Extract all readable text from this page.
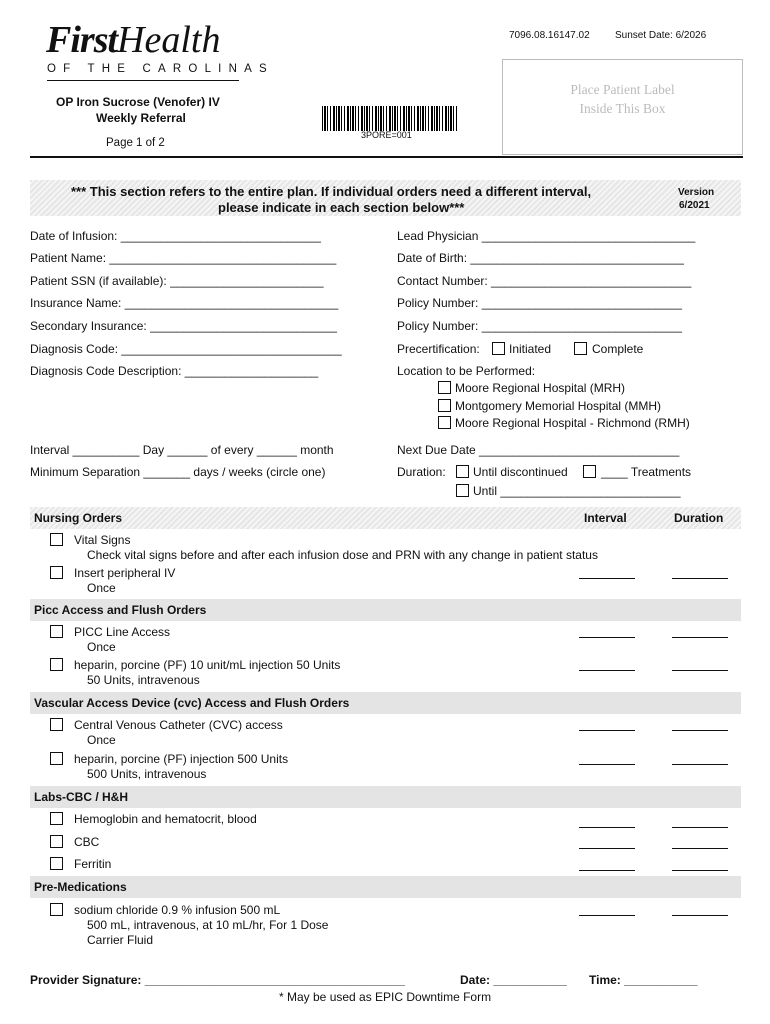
FirstHealth
OF THE CAROLINAS
OP Iron Sucrose (Venofer) IV
Weekly Referral
Page 1 of 2
7096.08.16147.02	Sunset Date: 6/2026
3PORE=001
Place Patient Label
Inside This Box
*** This section refers to the entire plan. If individual orders need a different interval,
please indicate in each section below***
Version
6/2021
Date of Infusion: ______________________________
Patient Name: __________________________________
Patient SSN (if available): _______________________
Insurance Name: ________________________________
Secondary Insurance: ____________________________
Diagnosis Code: _________________________________
Diagnosis Code Description: ____________________
Lead Physician ________________________________
Date of Birth: ________________________________
Contact Number: ______________________________
Policy Number: ______________________________
Policy Number: ______________________________
Precertification: Initiated	Complete
Location to be Performed:
Moore Regional Hospital (MRH)
Montgomery Memorial Hospital (MMH)
Moore Regional Hospital - Richmond (RMH)
Interval __________ Day ______ of every ______ month
Minimum Separation _______ days / weeks (circle one)
Next Due Date ______________________________
Duration: Until discontinued	____ Treatments
Until ___________________________
Nursing Orders	Interval	Duration
Vital Signs
Check vital signs before and after each infusion dose and PRN with any change in patient status
Insert peripheral IV
Once
Picc Access and Flush Orders
PICC Line Access
Once
heparin, porcine (PF) 10 unit/mL injection 50 Units
50 Units, intravenous
Vascular Access Device (cvc) Access and Flush Orders
Central Venous Catheter (CVC) access
Once
heparin, porcine (PF) injection 500 Units
500 Units, intravenous
Labs-CBC / H&H
Hemoglobin and hematocrit, blood
CBC
Ferritin
Pre-Medications
sodium chloride 0.9 % infusion 500 mL
500 mL, intravenous, at 10 mL/hr, For 1 Dose
Carrier Fluid
Provider Signature: _______________________________________	Date: ___________ Time: ___________
* May be used as EPIC Downtime Form
